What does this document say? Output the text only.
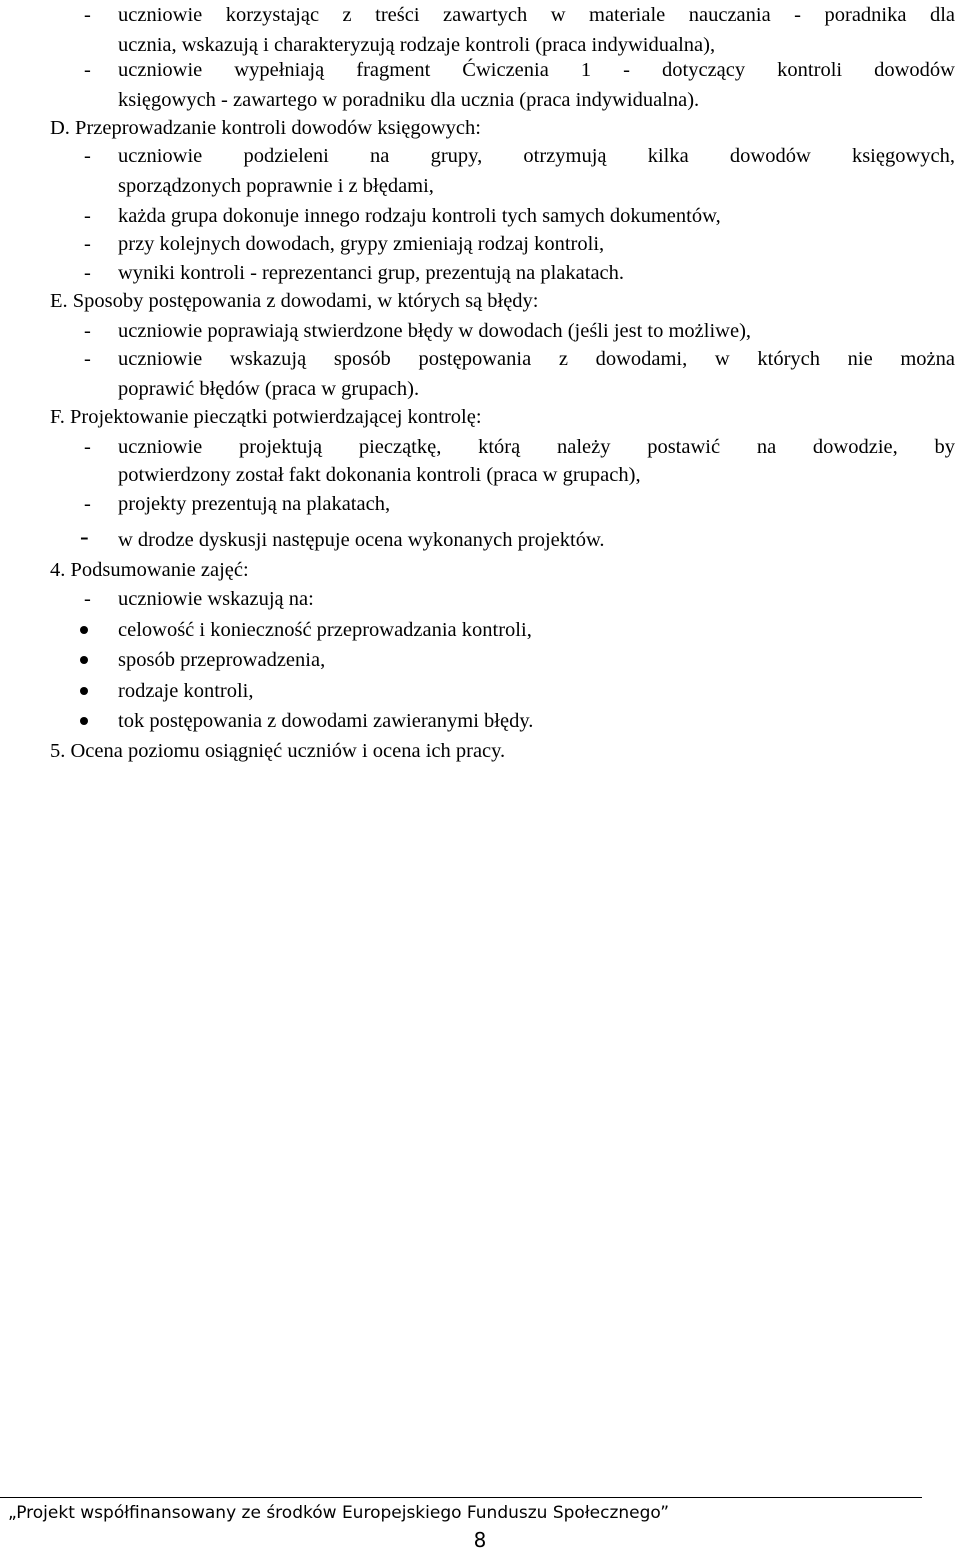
-	uczniowie korzystając z treści zawartych w materiale nauczania - poradnika dla
ucznia, wskazują i charakteryzują rodzaje kontroli (praca indywidualna),
-	uczniowie wypełniają fragment Ćwiczenia 1 - dotyczący kontroli dowodów
księgowych - zawartego w poradniku dla ucznia (praca indywidualna).
D. Przeprowadzanie kontroli dowodów księgowych:
-	uczniowie podzieleni na grupy, otrzymują kilka dowodów księgowych,
sporządzonych poprawnie i z błędami,
-	każda grupa dokonuje innego rodzaju kontroli tych samych dokumentów,
-	przy kolejnych dowodach, grypy zmieniają rodzaj kontroli,
-	wyniki kontroli - reprezentanci grup, prezentują na plakatach.
E. Sposoby postępowania z dowodami, w których są błędy:
-	uczniowie poprawiają stwierdzone błędy w dowodach (jeśli jest to możliwe),
-	uczniowie wskazują sposób postępowania z dowodami, w których nie można
poprawić błędów (praca w grupach).
F. Projektowanie pieczątki potwierdzającej kontrolę:
-	uczniowie projektują pieczątkę, którą należy postawić na dowodzie, by
potwierdzony został fakt dokonania kontroli (praca w grupach),
-	projekty prezentują na plakatach,
- w drodze dyskusji następuje ocena wykonanych projektów.
4. Podsumowanie zajęć:
-	uczniowie wskazują na:
celowość i konieczność przeprowadzania kontroli,
sposób przeprowadzenia,
rodzaje kontroli,
tok postępowania z dowodami zawieranymi błędy.
5. Ocena poziomu osiągnięć uczniów i ocena ich pracy.
„Projekt współfinansowany ze środków Europejskiego Funduszu Społecznego”
8
